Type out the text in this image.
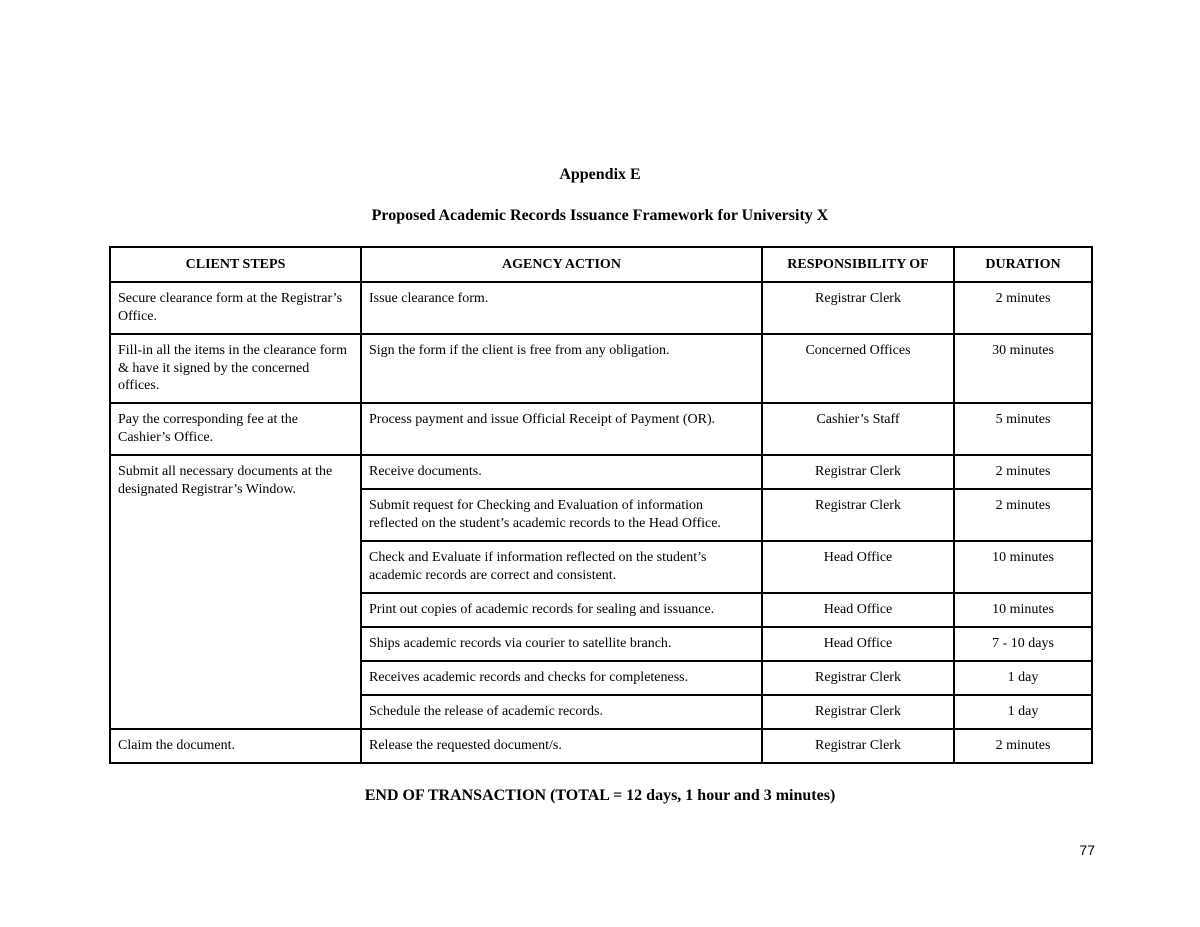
Appendix E
Proposed Academic Records Issuance Framework for University X
CLIENT STEPS	AGENCY ACTION	RESPONSIBILITY OF	DURATION
Secure clearance form at the Registrar’s Office.	Issue clearance form.	Registrar Clerk	2 minutes
Fill-in all the items in the clearance form & have it signed by the concerned offices.	Sign the form if the client is free from any obligation.	Concerned Offices	30 minutes
Pay the corresponding fee at the Cashier’s Office.	Process payment and issue Official Receipt of Payment (OR).	Cashier’s Staff	5 minutes
Submit all necessary documents at the designated Registrar’s Window.	Receive documents.	Registrar Clerk	2 minutes
	Submit request for Checking and Evaluation of information reflected on the student’s academic records to the Head Office.	Registrar Clerk	2 minutes
	Check and Evaluate if information reflected on the student’s academic records are correct and consistent.	Head Office	10 minutes
	Print out copies of academic records for sealing and issuance.	Head Office	10 minutes
	Ships academic records via courier to satellite branch.	Head Office	7 - 10 days
	Receives academic records and checks for completeness.	Registrar Clerk	1 day
	Schedule the release of academic records.	Registrar Clerk	1 day
Claim the document.	Release the requested document/s.	Registrar Clerk	2 minutes
END OF TRANSACTION (TOTAL = 12 days, 1 hour and 3 minutes)
77
